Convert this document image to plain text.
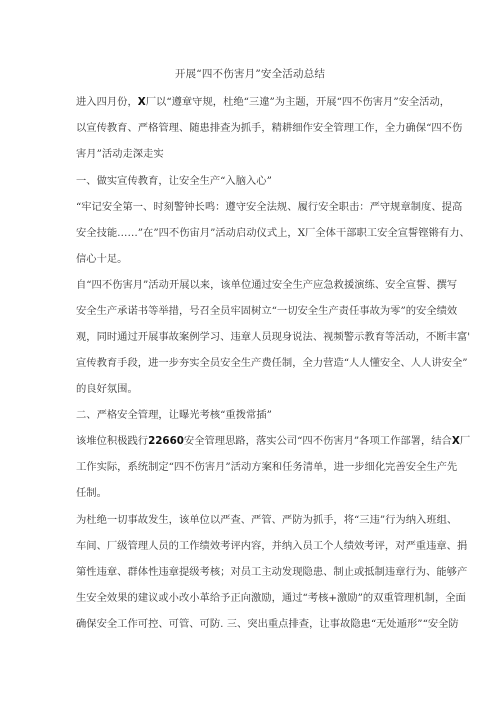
开展“四不伤害月”安全活动总结
进入四月份，X厂以“遵章守规，杜绝“三違”为主题，开展“四不伤害月”安全活动，
以宣传教育、严格管理、随患排查为抓手，精耕细作安全管理工作，全力确保“四不伤
害月”活动走深走实
一、做实宣传教育，让安全生产“入脑入心”
“牢记安全第一、时刻警钟长鸣：遵守安全法规、履行安全职击：严守规章制度、提高
安全技能……”在”四不伤宙月”活动启动仪式上，X厂全体干部职工安全宣誓铿锵有力、
信心十足。
自“四不伤害月”活动开展以来，该单位通过安全生产应急救援演练、安全宣誓、撰写
安全生产承诺书等举措，号召全员牢固树立“一切安全生产责任事故为零”的安全绩效
观，同时通过开展事故案例学习、违章人员现身说法、视频警示教育等活动，不断丰富'
宣传教育手段，进一步夯实全员安全生产费任制，全力营造“人人懂安全、人人讲安全”
的良好氛围。
二、严格安全管理，让曝光考核“重拨常插”
该堆位积极践行22660安全管理思路，落实公司“四不伤害月”各项工作部署，结合X厂
工作实际，系统制定“四不伤害月”活动方案和任务清单，进一步细化完善安全生产先
任制。
为杜绝一切事故发生，该单位以严查、严管、严防为抓手，将“三违”行为纳入班组、
车间、厂级管理人员的工作绩效考评内容，并纳入员工个人绩效考评，对严重违章、捐
第性违章、群体性违章提级考核；对员工主动发现隐患、制止或抵制违章行为、能够产
生安全效果的建议或小改小革给予正向激励，通过“考核+激励”的双重管理机制，全面
确保安全工作可控、可管、可防. 三、突出重点排查，让事故隐患“无处遁形”“安全防
